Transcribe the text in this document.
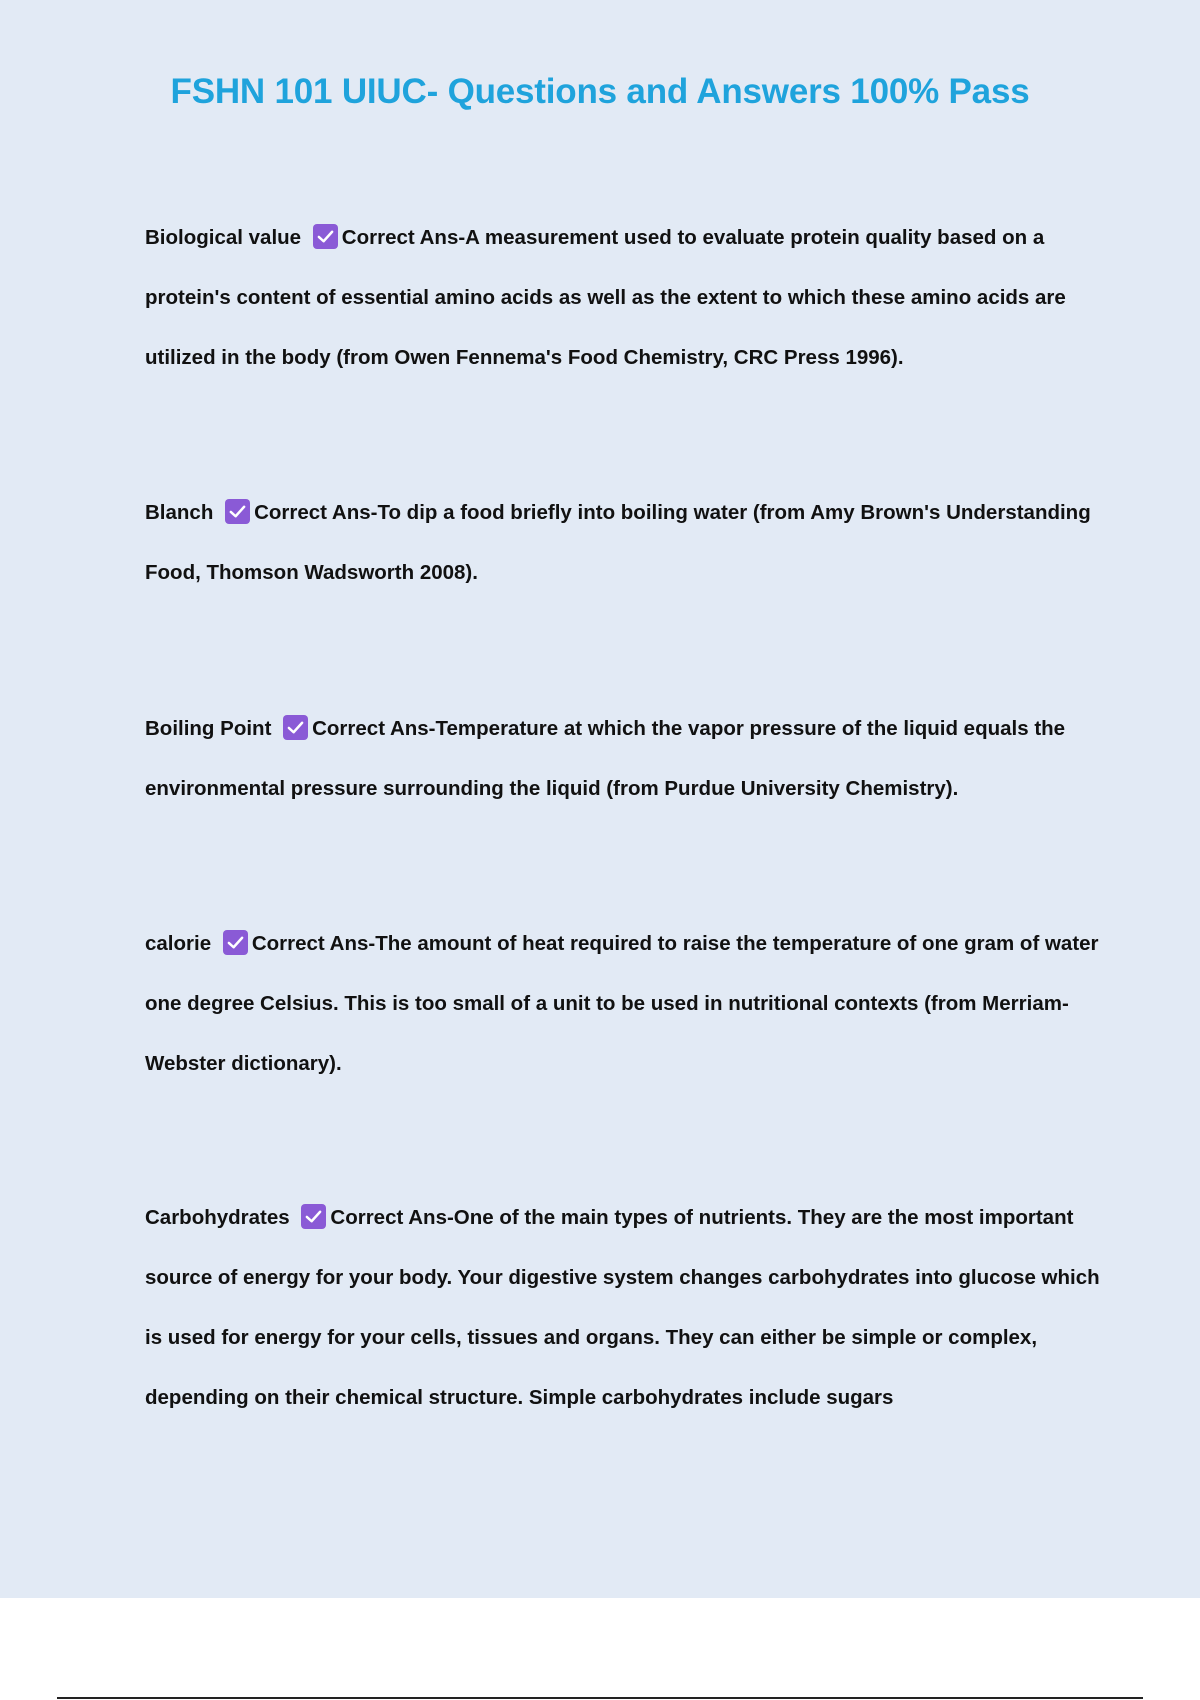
FSHN 101 UIUC- Questions and Answers 100% Pass
Biological value Correct Ans-A measurement used to evaluate protein quality based on a protein's content of essential amino acids as well as the extent to which these amino acids are utilized in the body (from Owen Fennema's Food Chemistry, CRC Press 1996).
Blanch Correct Ans-To dip a food briefly into boiling water (from Amy Brown's Understanding Food, Thomson Wadsworth 2008).
Boiling Point Correct Ans-Temperature at which the vapor pressure of the liquid equals the environmental pressure surrounding the liquid (from Purdue University Chemistry).
calorie Correct Ans-The amount of heat required to raise the temperature of one gram of water one degree Celsius. This is too small of a unit to be used in nutritional contexts (from Merriam-Webster dictionary).
Carbohydrates Correct Ans-One of the main types of nutrients. They are the most important source of energy for your body. Your digestive system changes carbohydrates into glucose which is used for energy for your cells, tissues and organs. They can either be simple or complex, depending on their chemical structure. Simple carbohydrates include sugars
